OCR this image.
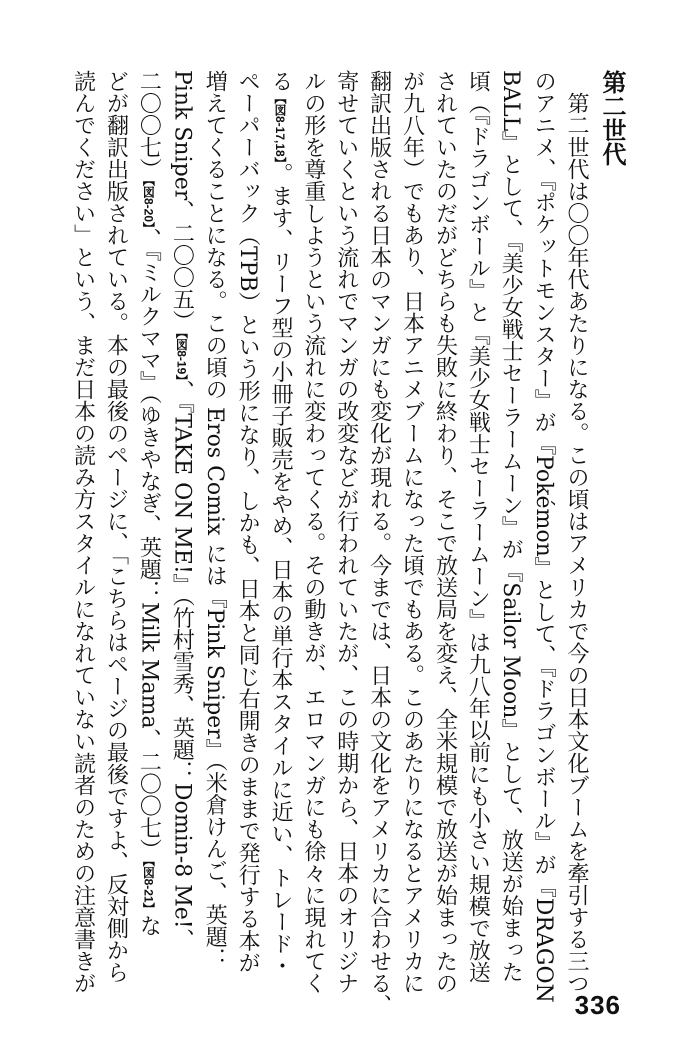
第二世代
　第二世代は〇〇年代あたりになる。この頃はアメリカで今の日本文化ブームを牽引する三つ
のアニメ、『ポケットモンスター』が『Pokémon』として、『ドラゴンボール』が『DRAGON
BALL』として、『美少女戦士セーラームーン』が『Sailor Moon』として、放送が始まった
頃（『ドラゴンボール』と『美少女戦士セーラームーン』は九八年以前にも小さい規模で放送
されていたのだがどちらも失敗に終わり、そこで放送局を変え、全米規模で放送が始まったの
が九八年）でもあり、日本アニメブームになった頃でもある。このあたりになるとアメリカに
翻訳出版される日本のマンガにも変化が現れる。今までは、日本の文化をアメリカに合わせる、
寄せていくという流れでマンガの改変などが行われていたが、この時期から、日本のオリジナ
ルの形を尊重しようという流れに変わってくる。その動きが、エロマンガにも徐々に現れてく
る【図8-17,18】。ます、リーフ型の小冊子販売をやめ、日本の単行本スタイルに近い、トレード・
ペーパーバック（TPB）という形になり、しかも、日本と同じ右開きのままで発行する本が
増えてくることになる。この頃の Eros Comix には『Pink Sniper』（米倉けんご、英題：
Pink Sniper、二〇〇五）【図8-19】、『TAKE ON ME!』（竹村雪秀、英題：Domin-8 Me!、
二〇〇七）【図8-20】、『ミルクママ』（ゆきやなぎ、英題：Milk Mama、二〇〇七）【図8-21】な
どが翻訳出版されている。本の最後のページに、「こちらはページの最後ですよ、反対側から
読んでください」という、まだ日本の読み方スタイルになれていない読者のための注意書きが
336
